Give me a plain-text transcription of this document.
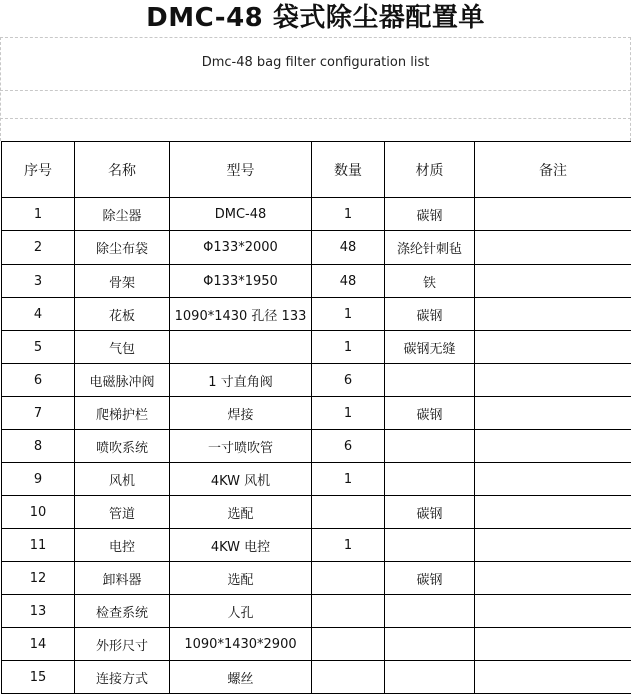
DMC-48 袋式除尘器配置单
Dmc-48 bag filter configuration list
序号	名称	型号	数量	材质	备注
1	除尘器	DMC-48	1	碳钢	
2	除尘布袋	Φ133*2000	48	涤纶针刺毡	
3	骨架	Φ133*1950	48	铁	
4	花板	1090*1430 孔径 133	1	碳钢	
5	气包		1	碳钢无缝	
6	电磁脉冲阀	1 寸直角阀	6		
7	爬梯护栏	焊接	1	碳钢	
8	喷吹系统	一寸喷吹管	6		
9	风机	4KW 风机	1		
10	管道	选配		碳钢	
11	电控	4KW 电控	1		
12	卸料器	选配		碳钢	
13	检查系统	人孔			
14	外形尺寸	1090*1430*2900			
15	连接方式	螺丝			
